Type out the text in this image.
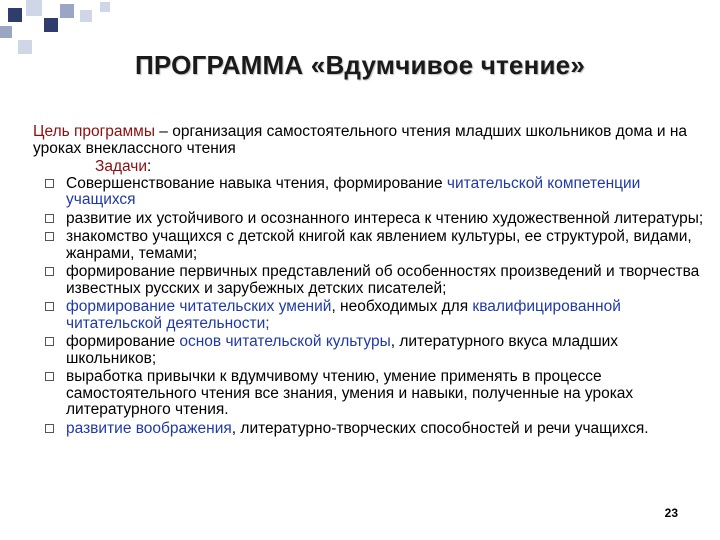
ПРОГРАММА «Вдумчивое чтение»

Цель программы – организация самостоятельного чтения младших школьников дома и на уроках внеклассного чтения

Задачи:
Совершенствование навыка чтения, формирование читательской компетенции учащихся
развитие их устойчивого и осознанного интереса к чтению художественной литературы;
знакомство учащихся с детской книгой как явлением культуры, ее структурой, видами, жанрами, темами;
формирование первичных представлений об особенностях произведений и творчества известных русских и зарубежных детских писателей;
формирование читательских умений, необходимых для квалифицированной читательской деятельности;
формирование основ читательской культуры, литературного вкуса младших школьников;
выработка привычки к вдумчивому чтению, умение применять в процессе самостоятельного чтения все знания, умения и навыки, полученные на уроках литературного чтения.
развитие воображения, литературно-творческих способностей и речи учащихся.
23
